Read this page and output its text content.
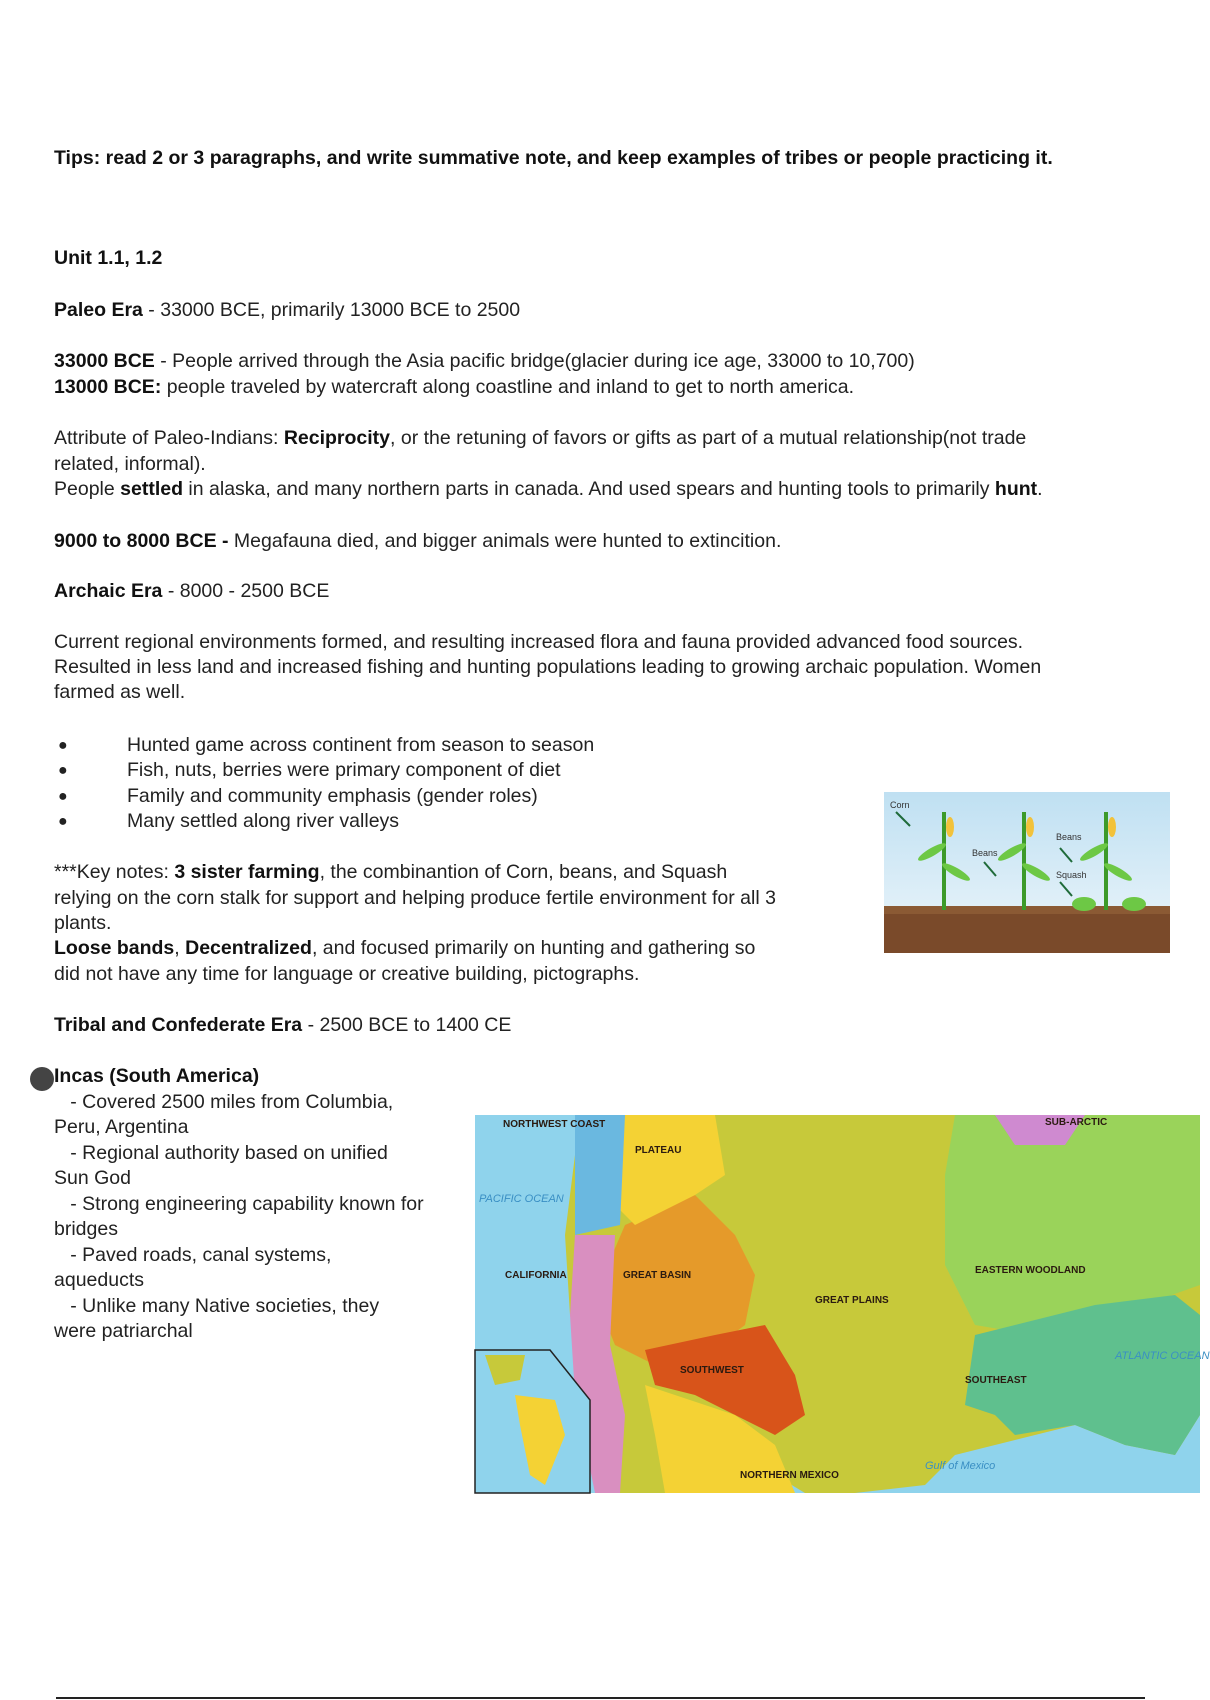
Tips: read 2 or 3 paragraphs, and write summative note, and keep examples of tribes or people practicing it.
Unit 1.1, 1.2
Paleo Era - 33000 BCE, primarily 13000 BCE to 2500
33000 BCE - People arrived through the Asia pacific bridge(glacier during ice age, 33000 to 10,700)
13000 BCE: people traveled by watercraft along coastline and inland to get to north america.
Attribute of Paleo-Indians: Reciprocity, or the retuning of favors or gifts as part of a mutual relationship(not trade
related, informal).
People settled in alaska, and many northern parts in canada. And used spears and hunting tools to primarily hunt.
9000 to 8000 BCE - Megafauna died, and bigger animals were hunted to extincition.
Archaic Era - 8000 - 2500 BCE
Current regional environments formed, and resulting increased flora and fauna provided advanced food sources.
Resulted in less land and increased fishing and hunting populations leading to growing archaic population. Women
farmed as well.
●	Hunted game across continent from season to season
●	Fish, nuts, berries were primary component of diet
●	Family and community emphasis (gender roles)
●	Many settled along river valleys
***Key notes: 3 sister farming, the combinantion of Corn, beans, and Squash
relying on the corn stalk for support and helping produce fertile environment for all 3
plants.
Loose bands, Decentralized, and focused primarily on hunting and gathering so
did not have any time for language or creative building, pictographs.
Tribal and Confederate Era - 2500 BCE to 1400 CE
Incas (South America)
- Covered 2500 miles from Columbia,
Peru, Argentina
- Regional authority based on unified
Sun God
- Strong engineering capability known for
bridges
- Paved roads, canal systems,
aqueducts
- Unlike many Native societies, they
were patriarchal
Corn
Beans
Beans
Squash
NORTHWEST COAST
PLATEAU
CALIFORNIA	GREAT BASIN
SOUTHWEST
GREAT PLAINS
EASTERN WOODLAND
SOUTHEAST
NORTHERN MEXICO
SUB-ARCTIC
PACIFIC OCEAN
ATLANTIC OCEAN
Gulf of Mexico
